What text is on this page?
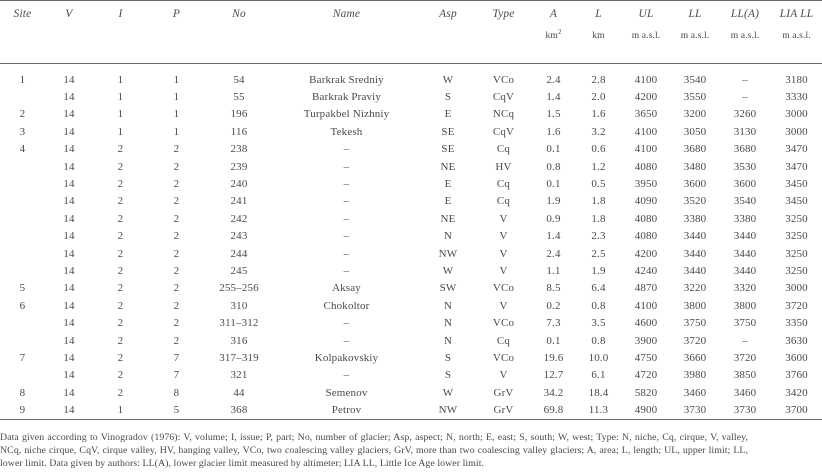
Site	V	I	P	No	Name	Asp	Type	A	L	UL	LL	LL(A)	LIA LL
								$km^2$	km	m a.s.l.	m a.s.l.	m a.s.l.	m a.s.l.

1	14	1	1	54	Barkrak Sredniy	W	VCo	2.4	2.8	4100	3540	–	3180
	14	1	1	55	Barkrak Praviy	S	CqV	1.4	2.0	4200	3550	–	3330
2	14	1	1	196	Turpakbel Nizhniy	E	NCq	1.5	1.6	3650	3200	3260	3000
3	14	1	1	116	Tekesh	SE	CqV	1.6	3.2	4100	3050	3130	3000
4	14	2	2	238	–	SE	Cq	0.1	0.6	4100	3680	3680	3470
	14	2	2	239	–	NE	HV	0.8	1.2	4080	3480	3530	3470
	14	2	2	240	–	E	Cq	0.1	0.5	3950	3600	3600	3450
	14	2	2	241	–	E	Cq	1.9	1.8	4090	3520	3540	3450
	14	2	2	242	–	NE	V	0.9	1.8	4080	3380	3380	3250
	14	2	2	243	–	N	V	1.4	2.3	4080	3440	3440	3250
	14	2	2	244	–	NW	V	2.4	2.5	4200	3440	3440	3250
	14	2	2	245	–	W	V	1.1	1.9	4240	3440	3440	3250
5	14	2	2	255–256	Aksay	SW	VCo	8.5	6.4	4870	3220	3320	3000
6	14	2	2	310	Chokoltor	N	V	0.2	0.8	4100	3800	3800	3720
	14	2	2	311–312	–	N	VCo	7.3	3.5	4600	3750	3750	3350
	14	2	2	316	–	N	Cq	0.1	0.8	3900	3720	–	3630
7	14	2	7	317–319	Kolpakovskiy	S	VCo	19.6	10.0	4750	3660	3720	3600
	14	2	7	321	–	S	V	12.7	6.1	4720	3980	3850	3760
8	14	2	8	44	Semenov	W	GrV	34.2	18.4	5820	3460	3460	3420
9	14	1	5	368	Petrov	NW	GrV	69.8	11.3	4900	3730	3730	3700

Data given according to Vinogradov (1976): V, volume; I, issue; P, part; No, number of glacier; Asp, aspect; N, north; E, east; S, south; W, west; Type: N, niche, Cq, cirque, V, valley, NCq, niche cirque, CqV, cirque valley, HV, hanging valley, VCo, two coalescing valley glaciers, GrV, more than two coalescing valley glaciers; A, area; L, length; UL, upper limit; LL, lower limit. Data given by authors: LL(A), lower glacier limit measured by altimeter; LIA LL, Little Ice Age lower limit.
